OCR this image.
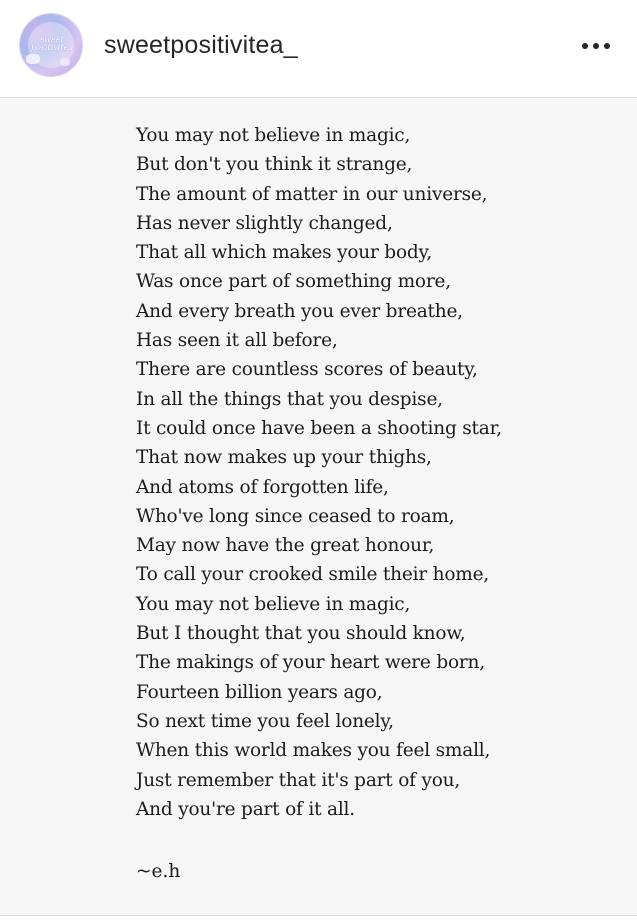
sweet positivitea	sweetpositivitea_
You may not believe in magic,
But don't you think it strange,
The amount of matter in our universe,
Has never slightly changed,
That all which makes your body,
Was once part of something more,
And every breath you ever breathe,
Has seen it all before,
There are countless scores of beauty,
In all the things that you despise,
It could once have been a shooting star,
That now makes up your thighs,
And atoms of forgotten life,
Who've long since ceased to roam,
May now have the great honour,
To call your crooked smile their home,
You may not believe in magic,
But I thought that you should know,
The makings of your heart were born,
Fourteen billion years ago,
So next time you feel lonely,
When this world makes you feel small,
Just remember that it's part of you,
And you're part of it all.
~e.h
